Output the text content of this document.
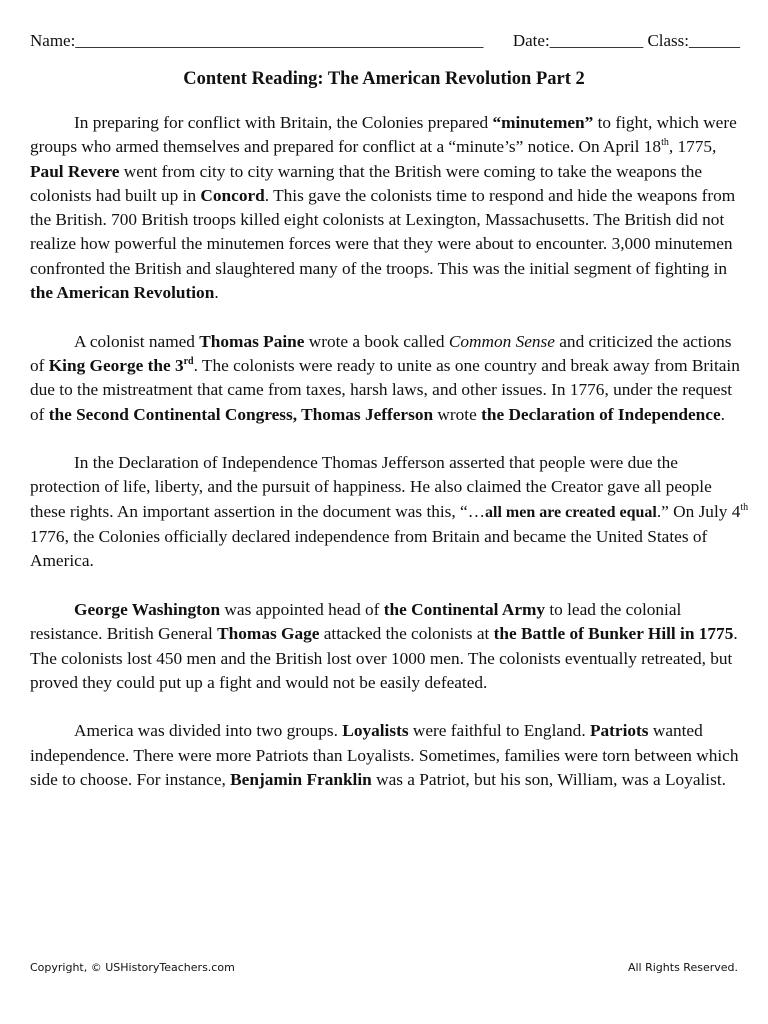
Name:________________________________________________ Date:___________ Class:______
Content Reading: The American Revolution Part 2

In preparing for conflict with Britain, the Colonies prepared “minutemen” to fight, which were groups who armed themselves and prepared for conflict at a “minute’s” notice. On April 18th, 1775, Paul Revere went from city to city warning that the British were coming to take the weapons the colonists had built up in Concord. This gave the colonists time to respond and hide the weapons from the British. 700 British troops killed eight colonists at Lexington, Massachusetts. The British did not realize how powerful the minutemen forces were that they were about to encounter. 3,000 minutemen confronted the British and slaughtered many of the troops. This was the initial segment of fighting in the American Revolution.

A colonist named Thomas Paine wrote a book called Common Sense and criticized the actions of King George the 3rd. The colonists were ready to unite as one country and break away from Britain due to the mistreatment that came from taxes, harsh laws, and other issues. In 1776, under the request of the Second Continental Congress, Thomas Jefferson wrote the Declaration of Independence.

In the Declaration of Independence Thomas Jefferson asserted that people were due the protection of life, liberty, and the pursuit of happiness. He also claimed the Creator gave all people these rights. An important assertion in the document was this, “…all men are created equal.” On July 4th 1776, the Colonies officially declared independence from Britain and became the United States of America.

George Washington was appointed head of the Continental Army to lead the colonial resistance. British General Thomas Gage attacked the colonists at the Battle of Bunker Hill in 1775. The colonists lost 450 men and the British lost over 1000 men. The colonists eventually retreated, but proved they could put up a fight and would not be easily defeated.

America was divided into two groups. Loyalists were faithful to England. Patriots wanted independence. There were more Patriots than Loyalists. Sometimes, families were torn between which side to choose. For instance, Benjamin Franklin was a Patriot, but his son, William, was a Loyalist.

Copyright, © USHistoryTeachers.com	All Rights Reserved.
